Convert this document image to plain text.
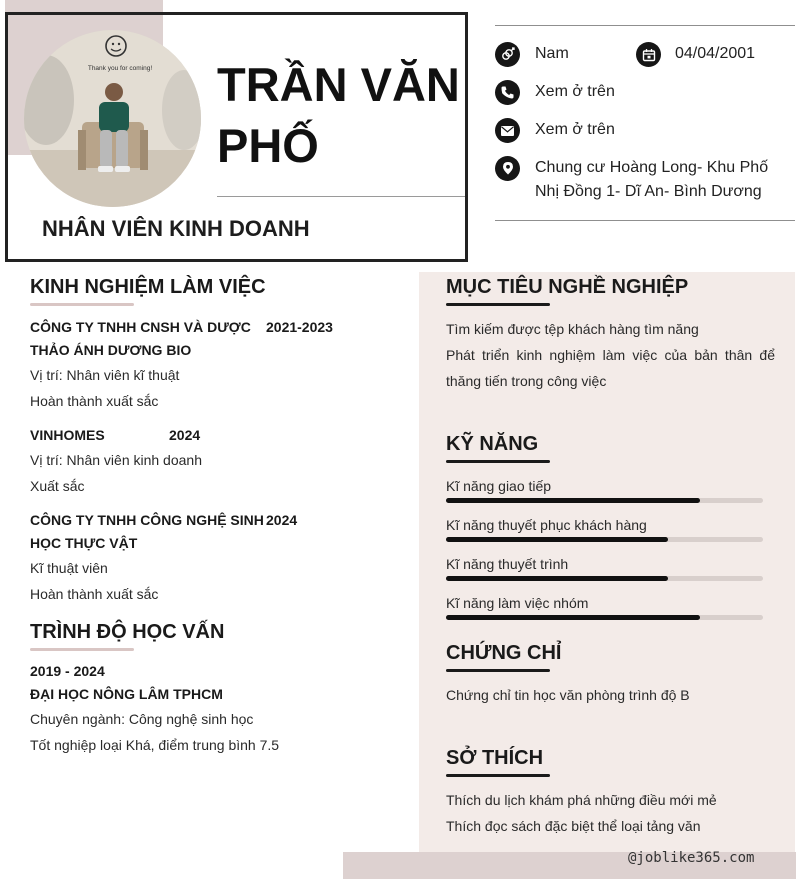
Thank you for coming! TRẦN VĂN
PHỐ
NHÂN VIÊN KINH DOANH
Nam	04/04/2001
Xem ở trên
Xem ở trên
Chung cư Hoàng Long- Khu Phố
Nhị Đồng 1- Dĩ An- Bình Dương
@joblike365.com
KINH NGHIỆM LÀM VIỆC
CÔNG TY TNHH CNSH VÀ DƯỢC
THẢO ÁNH DƯƠNG BIO
2021-2023
Vị trí: Nhân viên kĩ thuật
Hoàn thành xuất sắc
VINHOMES	2024
Vị trí: Nhân viên kinh doanh
Xuất sắc
CÔNG TY TNHH CÔNG NGHỆ SINH
HỌC THỰC VẬT
2024
Kĩ thuật viên
Hoàn thành xuất sắc
TRÌNH ĐỘ HỌC VẤN
2019 - 2024
ĐẠI HỌC NÔNG LÂM TPHCM
Chuyên ngành: Công nghệ sinh học
Tốt nghiệp loại Khá, điểm trung bình 7.5
MỤC TIÊU NGHỀ NGHIỆP
Tìm kiếm được tệp khách hàng tìm năng
Phát triển kinh nghiệm làm việc của bản thân để
thăng tiến trong công việc
KỸ NĂNG
Kĩ năng giao tiếp
Kĩ năng thuyết phục khách hàng
Kĩ năng thuyết trình
Kĩ năng làm việc nhóm
CHỨNG CHỈ
Chứng chỉ tin học văn phòng trình độ B
SỞ THÍCH
Thích du lịch khám phá những điều mới mẻ
Thích đọc sách đặc biệt thể loại tảng văn
